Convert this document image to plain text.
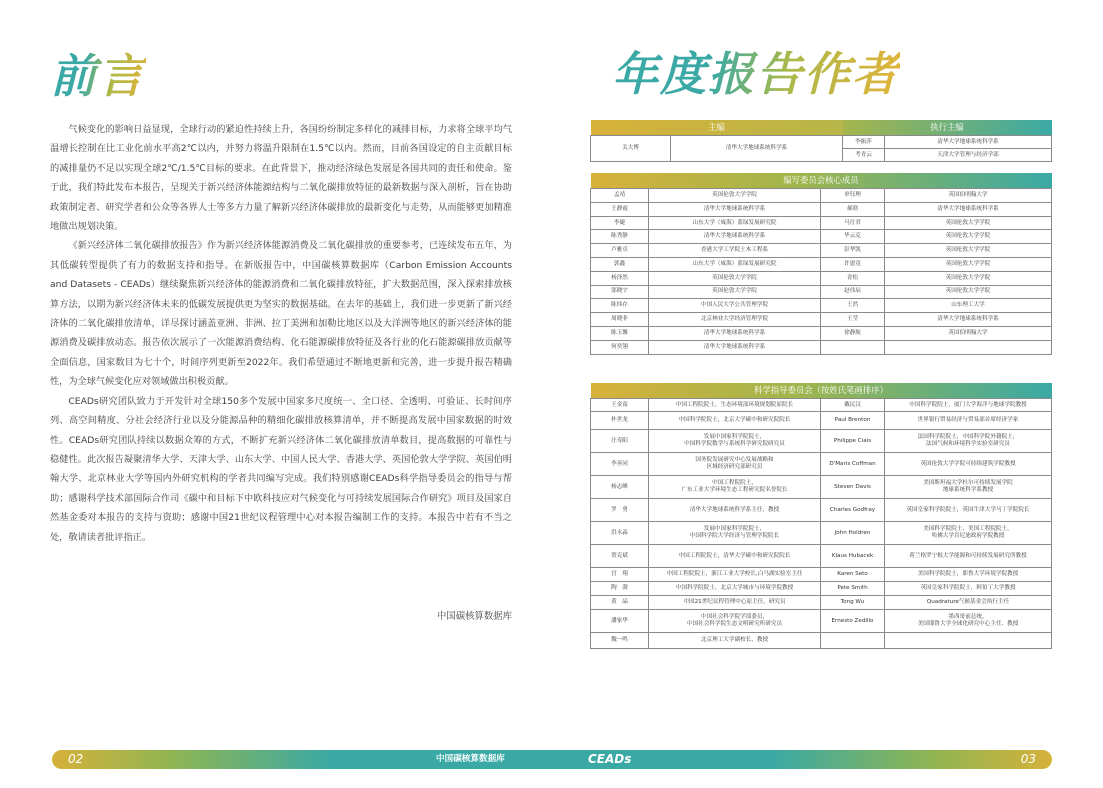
前言	年度报告作者

气候变化的影响日益显现，全球行动的紧迫性持续上升，各国纷纷制定多样化的减排目标，力求将全球平均气温增长控制在比工业化前水平高2℃以内，并努力将温升限制在1.5℃以内。然而，目前各国设定的自主贡献目标的减排量仍不足以实现全球2℃/1.5℃目标的要求。在此背景下，推动经济绿色发展是各国共同的责任和使命。鉴于此，我们特此发布本报告，呈现关于新兴经济体能源结构与二氧化碳排放特征的最新数据与深入剖析，旨在协助政策制定者、研究学者和公众等各界人士等多方力量了解新兴经济体碳排放的最新变化与走势，从而能够更加精准地做出规划决策。

《新兴经济体二氧化碳排放报告》作为新兴经济体能源消费及二氧化碳排放的重要参考，已连续发布五年，为其低碳转型提供了有力的数据支持和指导。在新版报告中，中国碳核算数据库（Carbon Emission Accounts and Datasets - CEADs）继续聚焦新兴经济体的能源消费和二氧化碳排放特征，扩大数据范围，深入探索排放核算方法，以期为新兴经济体未来的低碳发展提供更为坚实的数据基础。在去年的基础上，我们进一步更新了新兴经济体的二氧化碳排放清单，详尽探讨涵盖亚洲、非洲、拉丁美洲和加勒比地区以及大洋洲等地区的新兴经济体的能源消费及碳排放动态。报告依次展示了一次能源消费结构、化石能源碳排放特征及各行业的化石能源碳排放贡献等全面信息，国家数目为七十个，时间序列更新至2022年。我们希望通过不断地更新和完善，进一步提升报告精确性，为全球气候变化应对领域做出积极贡献。

CEADs研究团队致力于开发针对全球150多个发展中国家多尺度统一、全口径、全透明、可验证、长时间序列、高空间精度、分社会经济行业以及分能源品种的精细化碳排放核算清单，并不断提高发展中国家数据的时效性。CEADs研究团队持续以数据众筹的方式，不断扩充新兴经济体二氧化碳排放清单数目，提高数据的可靠性与稳健性。此次报告凝聚清华大学、天津大学、山东大学、中国人民大学、香港大学、英国伦敦大学学院、英国伯明翰大学、北京林业大学等国内外研究机构的学者共同编写完成。我们特别感谢CEADs科学指导委员会的指导与帮助；感谢科学技术部国际合作司《碳中和目标下中欧科技应对气候变化与可持续发展国际合作研究》项目及国家自然基金委对本报告的支持与资助；感谢中国21世纪议程管理中心对本报告编制工作的支持。本报告中若有不当之处，敬请读者批评指正。

中国碳核算数据库
主编		执行主编	
关大博	清华大学地球系统科学系	李振萍	清华大学地球系统科学系
		考青云	天津大学管理与经济学部
编写委员会核心成员			
孟靖	英国伦敦大学学院	单钰理	英国伯明翰大学
王静霞	清华大学地球系统科学系	郝晗	清华大学地球系统科学系
李婕	山东大学（威海）蓝绿发展研究院	马仕君	英国伦敦大学学院
陈秀静	清华大学地球系统科学系	毕云克	英国伦敦大学学院
卢雅卓	香港大学工学院土木工程系	彭华凯	英国伦敦大学学院
郭鑫	山东大学（威海）蓝绿发展研究院	许恩竟	英国伦敦大学学院
杨泽然	英国伦敦大学学院	青松	英国伦敦大学学院
郜晓宇	英国伦敦大学学院	赵伟辰	英国伦敦大学学院
陈炜存	中国人民大学公共管理学院	王然	山东理工大学
周晓菲	北京林业大学经济管理学院	王莹	清华大学地球系统科学系
陈玉馨	清华大学地球系统科学系	徐静航	英国伯明翰大学
何奕翎	清华大学地球系统科学系		
科学指导委员会（按姓氏笔画排序）			
王金南	中国工程院院士，生态环境部环境规划院原院长	戴民汉	中国科学院院士，厦门大学海洋与地球学院教授
朴世龙	中国科学院院士，北京大学碳中和研究院院长	Paul Brenton	世界银行贸易经济与贸易部首席经济学家
汪寿阳	发展中国家科学院院士，
中国科学院数学与系统科学研究院研究员	Philippe Ciais	法国科学院院士，中国科学院外籍院士，
法国气候和环境科学实验室研究员
李善同	国务院发展研究中心发展战略和
区域经济研究部研究员	D'Maris Coffman	英国伦敦大学学院可持续建筑学院教授
杨志峰	中国工程院院士，
广东工业大学环境生态工程研究院名誉院长	Steven Davis	美国斯坦福大学杜尔可持续发展学院
地球系统科学系教授
罗　勇	清华大学地球系统科学系主任，教授	Charles Godfray	英国皇家科学院院士，英国牛津大学马丁学院院长
洪永淼	发展中国家科学院院士，
中国科学院大学经济与管理学院院长	John Holdren	美国科学院院士，美国工程院院士，
哈佛大学肯尼迪政府学院教授
贺克斌	中国工程院院士，清华大学碳中和研究院院长	Klaus Hubacek	荷兰格罗宁根大学能源和可持续发展研究所教授
宫　翔	中国工程院院士，浙江工业大学校长,白马湖实验室主任	Karen Seto	美国科学院院士，耶鲁大学环境学院教授
陶　澍	中国科学院院士，北京大学城市与环境学院教授	Pete Smith	英国皇家科学院院士，阿伯丁大学教授
黄　晶	中国21世纪议程管理中心原主任，研究员	Tong Wu	Quadrature气候基金会执行主任
潘家华	中国社会科学院学部委员，
中国社会科学院生态文明研究所研究员	Ernesto Zedillo	墨西哥前总统，
美国耶鲁大学全球化研究中心主任、教授
魏一鸣	北京理工大学副校长、教授		
02	中国碳核算数据库	CEADs	03
